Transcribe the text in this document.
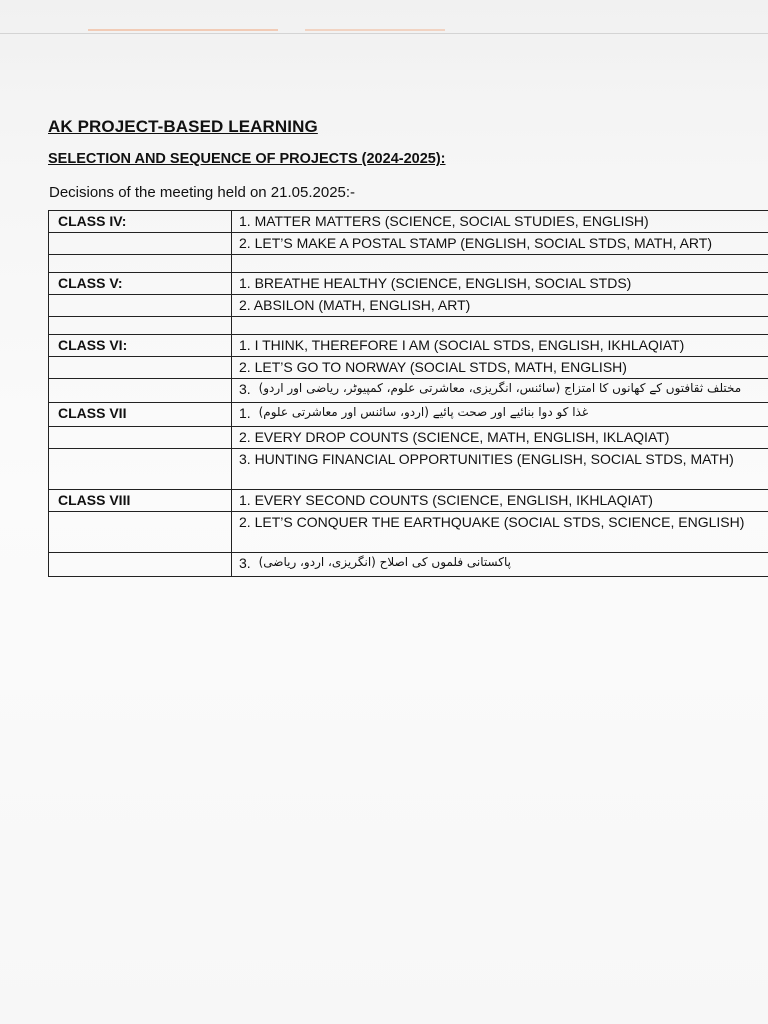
AK PROJECT-BASED LEARNING
SELECTION AND SEQUENCE OF PROJECTS (2024-2025):
Decisions of the meeting held on 21.05.2025:-
CLASS IV:	1. MATTER MATTERS (SCIENCE, SOCIAL STUDIES, ENGLISH)
	2. LET’S MAKE A POSTAL STAMP (ENGLISH, SOCIAL STDS, MATH, ART)

CLASS V:	1. BREATHE HEALTHY (SCIENCE, ENGLISH, SOCIAL STDS)
	2. ABSILON (MATH, ENGLISH, ART)

CLASS VI:	1. I THINK, THEREFORE I AM (SOCIAL STDS, ENGLISH, IKHLAQIAT)
	2. LET’S GO TO NORWAY (SOCIAL STDS, MATH, ENGLISH)
	3. مختلف ثقافتوں کے کھانوں کا امتزاج (سائنس، انگریزی، معاشرتی علوم، کمپیوٹر، ریاضی اور اردو)
CLASS VII	1. غذا کو دوا بنائیے اور صحت پائیے (اردو، سائنس اور معاشرتی علوم)
	2. EVERY DROP COUNTS (SCIENCE, MATH, ENGLISH, IKLAQIAT)
	3. HUNTING FINANCIAL OPPORTUNITIES (ENGLISH, SOCIAL STDS, MATH)
CLASS VIII	1. EVERY SECOND COUNTS (SCIENCE, ENGLISH, IKHLAQIAT)
	2. LET’S CONQUER THE EARTHQUAKE (SOCIAL STDS, SCIENCE, ENGLISH)
	3. پاکستانی فلموں کی اصلاح (انگریزی، اردو، ریاضی)
